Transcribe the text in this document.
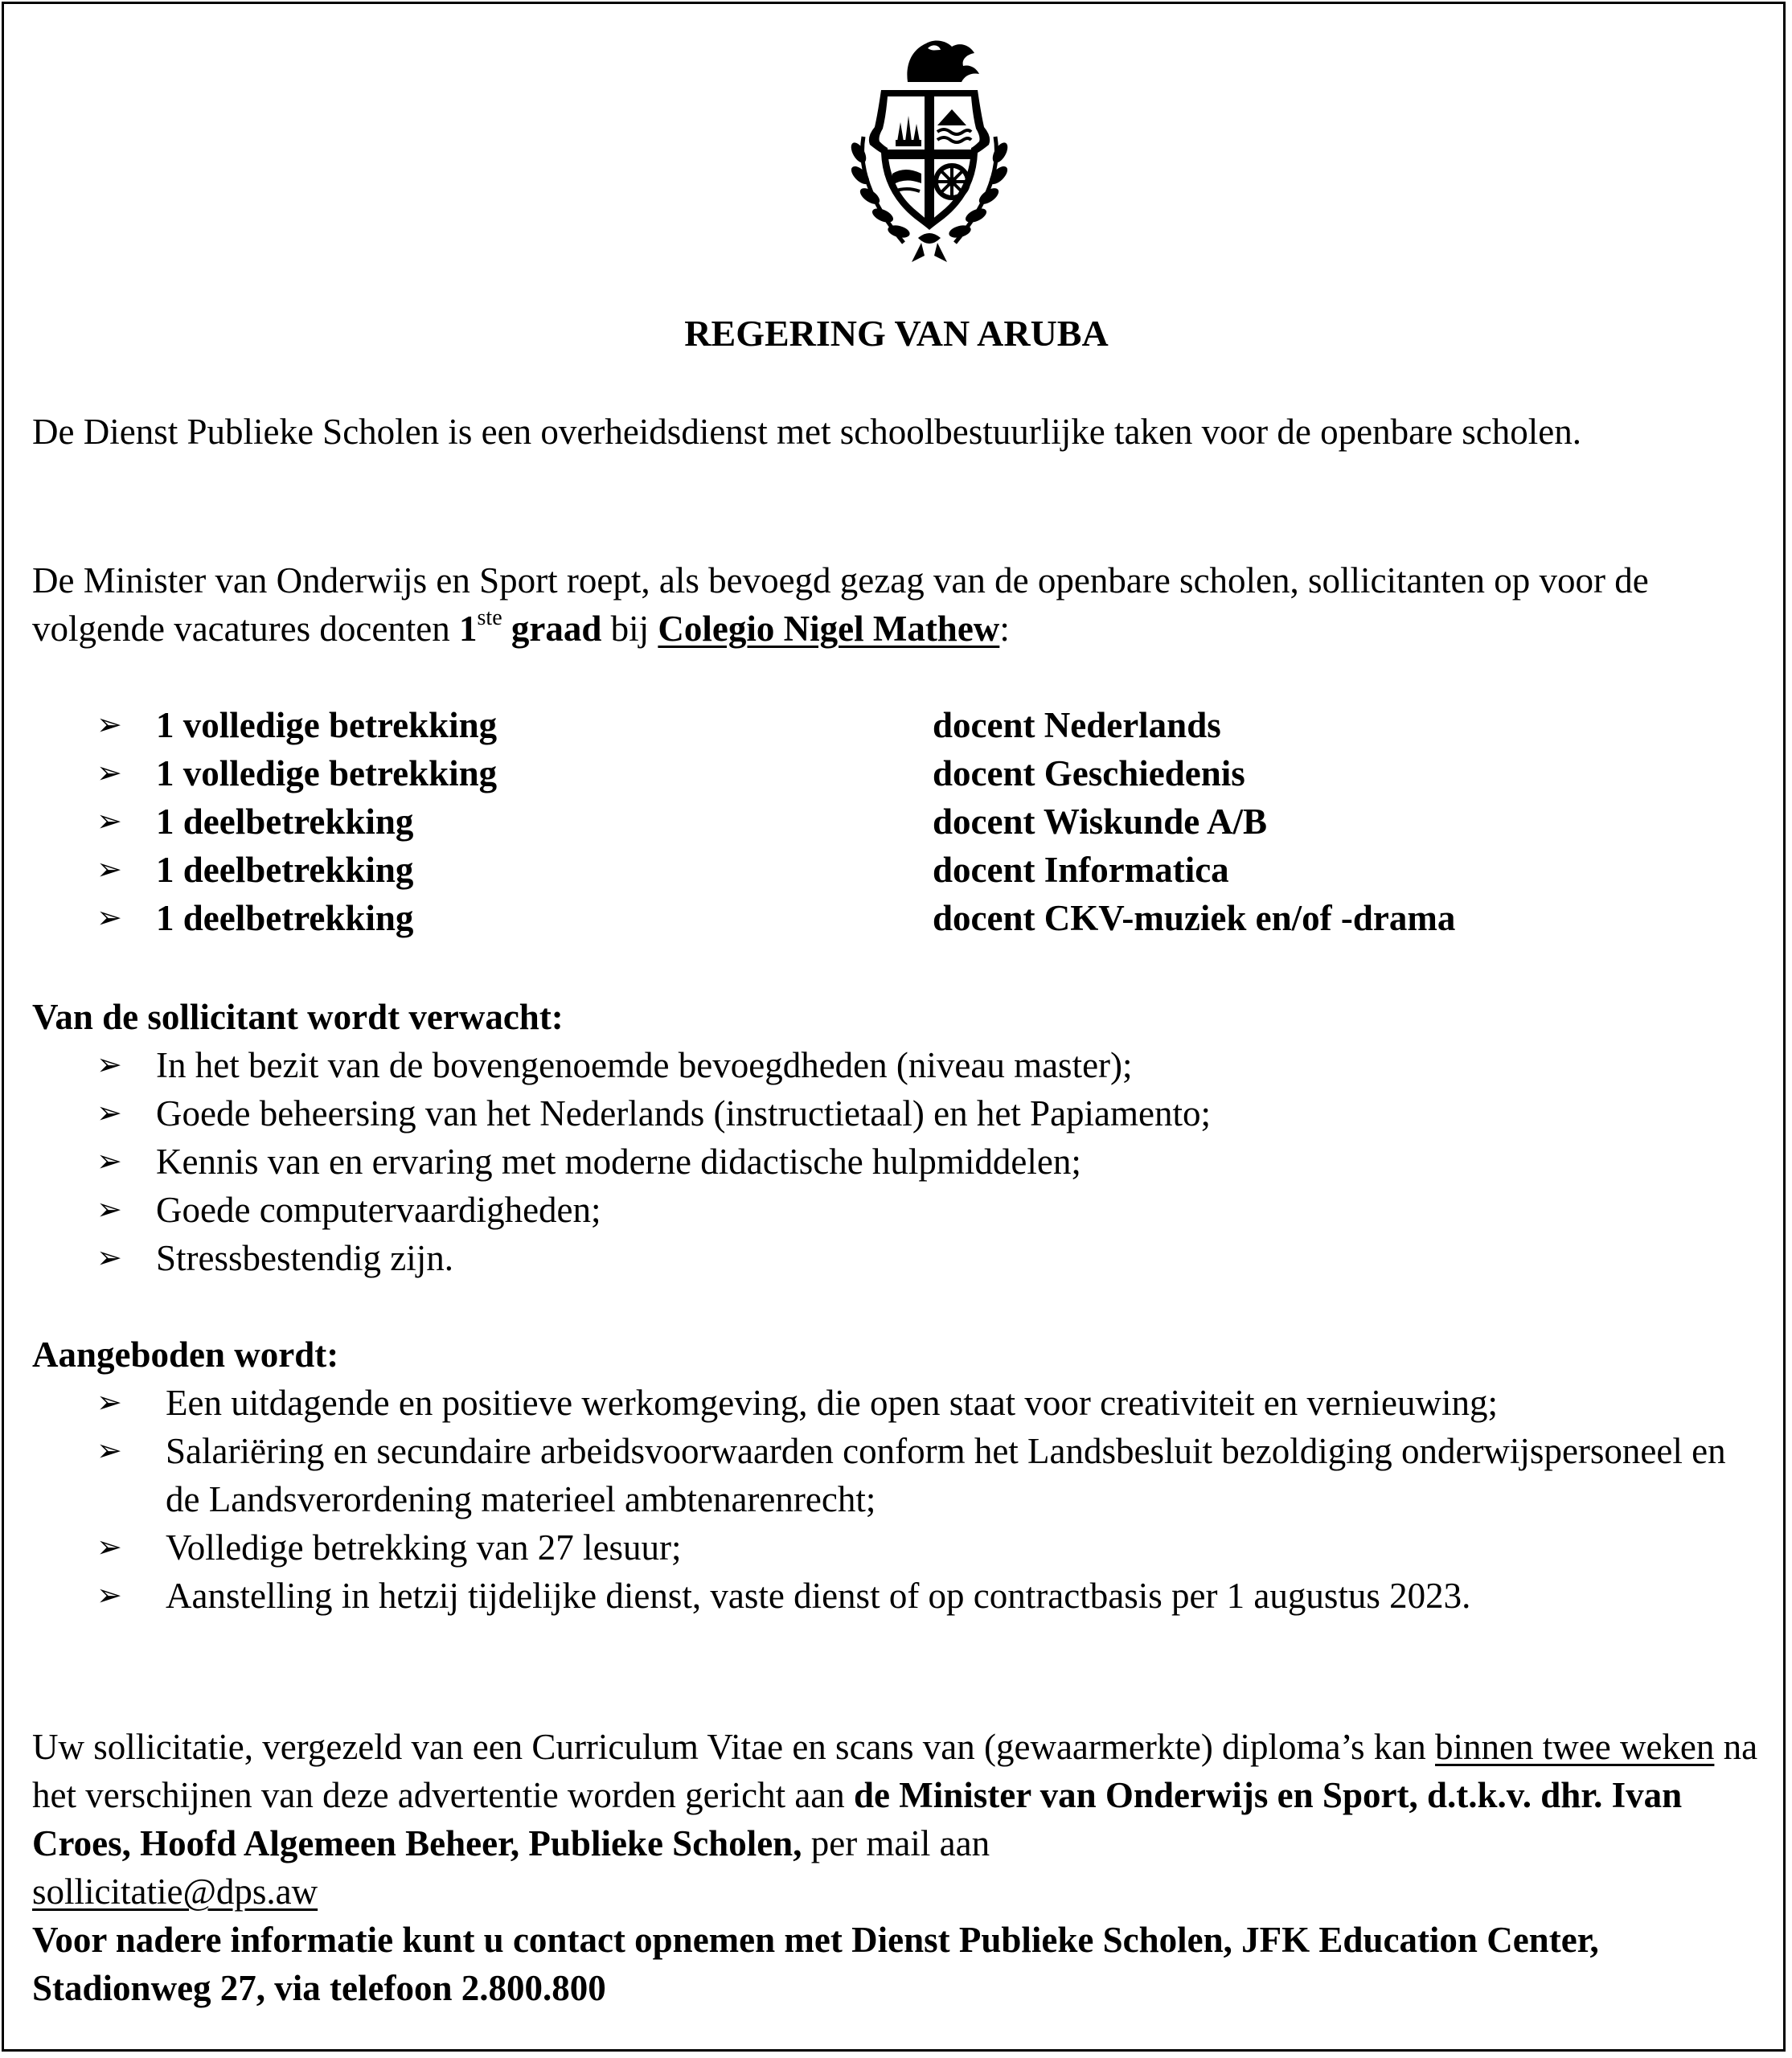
REGERING VAN ARUBA
De Dienst Publieke Scholen is een overheidsdienst met schoolbestuurlijke taken voor de openbare scholen.
De Minister van Onderwijs en Sport roept, als bevoegd gezag van de openbare scholen, sollicitanten op voor de volgende vacatures docenten 1ste graad bij Colegio Nigel Mathew:
➢ 1 volledige betrekking	docent Nederlands
➢ 1 volledige betrekking	docent Geschiedenis
➢ 1 deelbetrekking	docent Wiskunde A/B
➢ 1 deelbetrekking	docent Informatica
➢ 1 deelbetrekking	docent CKV-muziek en/of -drama
Van de sollicitant wordt verwacht:
➢ In het bezit van de bovengenoemde bevoegdheden (niveau master);
➢ Goede beheersing van het Nederlands (instructietaal) en het Papiamento;
➢ Kennis van en ervaring met moderne didactische hulpmiddelen;
➢ Goede computervaardigheden;
➢ Stressbestendig zijn.
Aangeboden wordt:
➢	Een uitdagende en positieve werkomgeving, die open staat voor creativiteit en vernieuwing;
➢	Salariëring en secundaire arbeidsvoorwaarden conform het Landsbesluit bezoldiging onderwijspersoneel en de Landsverordening materieel ambtenarenrecht;
➢	Volledige betrekking van 27 lesuur;
➢	Aanstelling in hetzij tijdelijke dienst, vaste dienst of op contractbasis per 1 augustus 2023.
Uw sollicitatie, vergezeld van een Curriculum Vitae en scans van (gewaarmerkte) diploma’s kan binnen twee weken na het verschijnen van deze advertentie worden gericht aan de Minister van Onderwijs en Sport, d.t.k.v. dhr. Ivan Croes, Hoofd Algemeen Beheer, Publieke Scholen, per mail aan
sollicitatie@dps.aw
Voor nadere informatie kunt u contact opnemen met Dienst Publieke Scholen, JFK Education Center, Stadionweg 27, via telefoon 2.800.800
